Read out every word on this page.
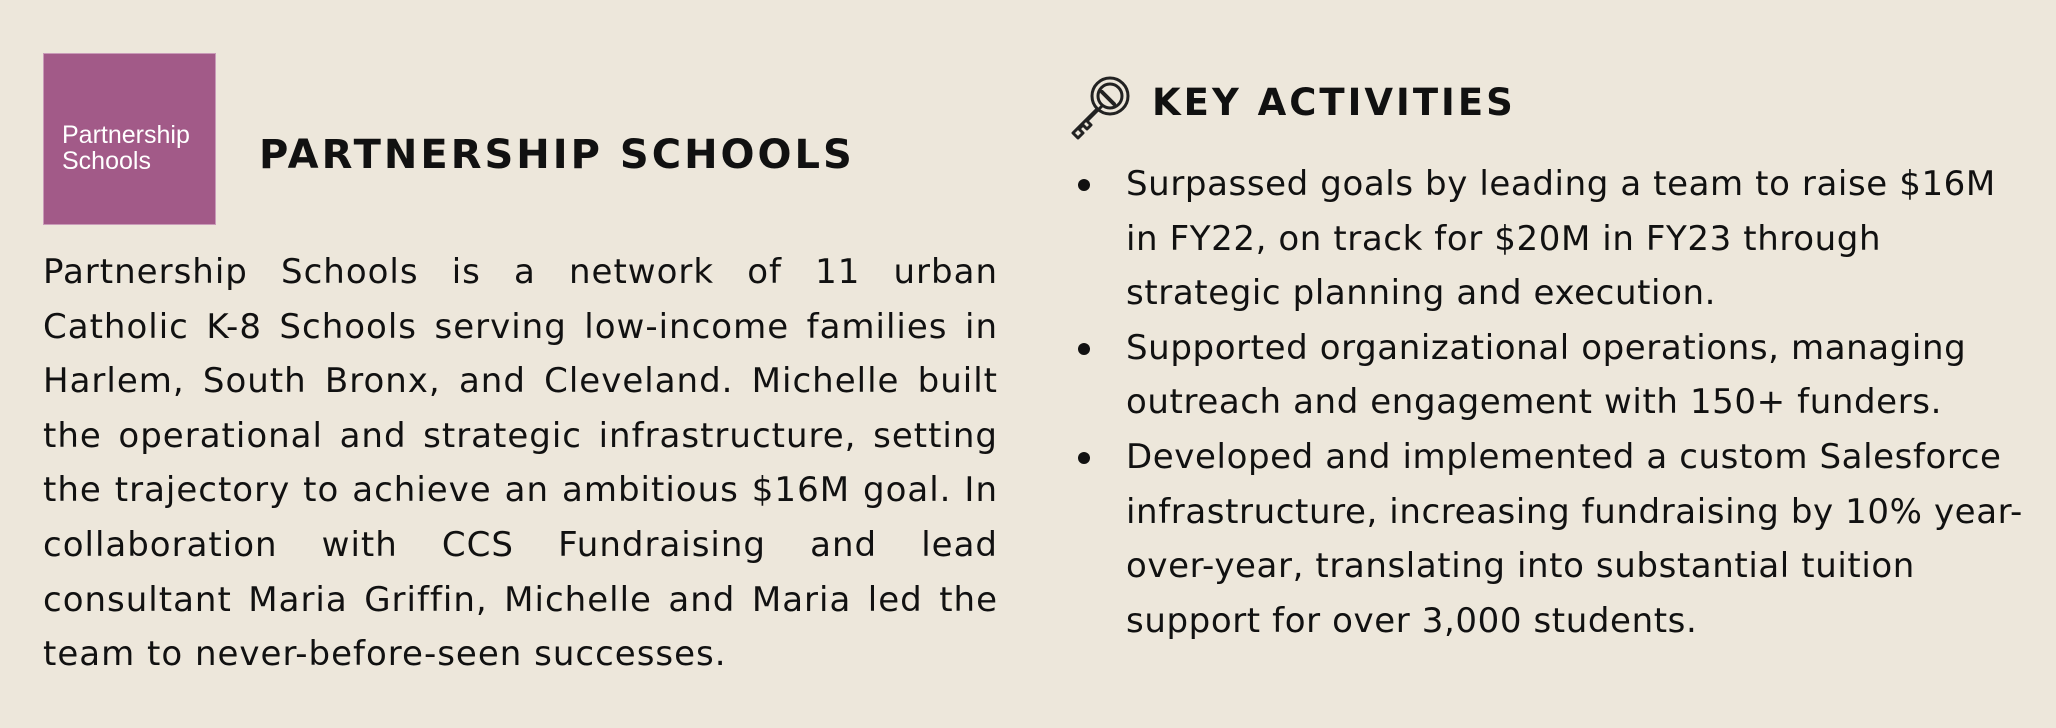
Partnership
Schools	PARTNERSHIP SCHOOLS

Partnership Schools is a network of 11 urban Catholic K-8 Schools serving low-income families in Harlem, South Bronx, and Cleveland. Michelle built the operational and strategic infrastructure, setting the trajectory to achieve an ambitious $16M goal. In collaboration with CCS Fundraising and lead consultant Maria Griffin, Michelle and Maria led the team to never-before-seen successes.

KEY ACTIVITIES
Surpassed goals by leading a team to raise $16M in FY22, on track for $20M in FY23 through strategic planning and execution.
Supported organizational operations, managing outreach and engagement with 150+ funders.
Developed and implemented a custom Salesforce infrastructure, increasing fundraising by 10% year-over-year, translating into substantial tuition support for over 3,000 students.
